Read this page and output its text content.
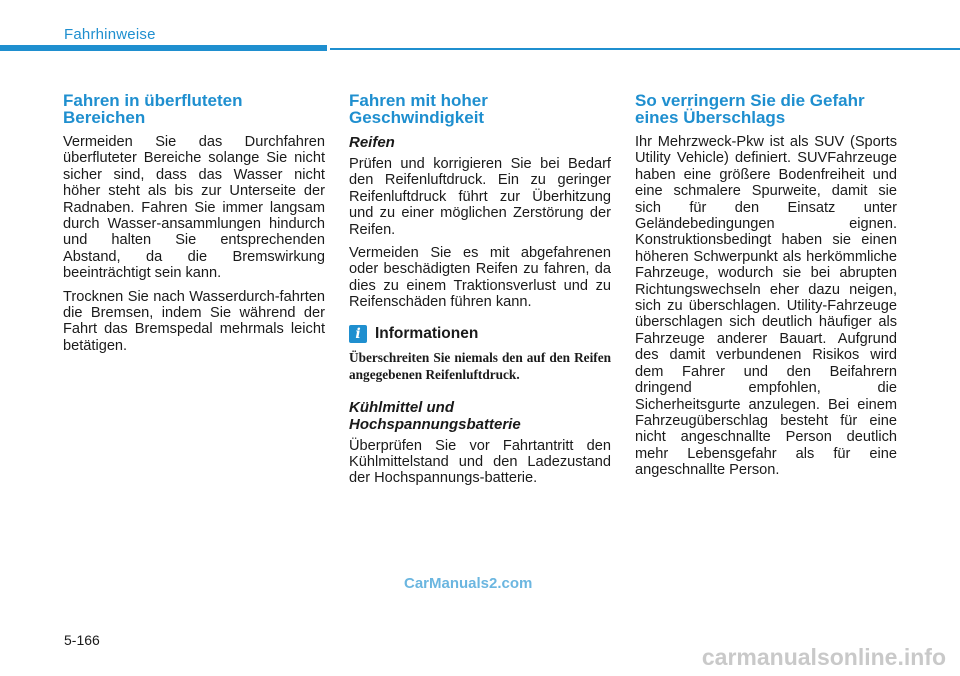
Fahrhinweise
Fahren in überfluteten Bereichen

Vermeiden Sie das Durchfahren überfluteter Bereiche solange Sie nicht sicher sind, dass das Wasser nicht höher steht als bis zur Unterseite der Radnaben. Fahren Sie immer langsam durch Wasser-ansammlungen hindurch und halten Sie entsprechenden Abstand, da die Bremswirkung beeinträchtigt sein kann.

Trocknen Sie nach Wasserdurch-fahrten die Bremsen, indem Sie während der Fahrt das Bremspedal mehrmals leicht betätigen.

Fahren mit hoher Geschwindigkeit
Reifen

Prüfen und korrigieren Sie bei Bedarf den Reifenluftdruck. Ein zu geringer Reifenluftdruck führt zur Überhitzung und zu einer möglichen Zerstörung der Reifen.

Vermeiden Sie es mit abgefahrenen oder beschädigten Reifen zu fahren, da dies zu einem Traktionsverlust und zu Reifenschäden führen kann.

i Informationen

Überschreiten Sie niemals den auf den Reifen angegebenen Reifenluftdruck.

Kühlmittel und Hochspannungsbatterie

Überprüfen Sie vor Fahrtantritt den Kühlmittelstand und den Ladezustand der Hochspannungs-batterie.

So verringern Sie die Gefahr eines Überschlags

Ihr Mehrzweck-Pkw ist als SUV (Sports Utility Vehicle) definiert. SUVFahrzeuge haben eine größere Bodenfreiheit und eine schmalere Spurweite, damit sie sich für den Einsatz unter Geländebedingungen eignen. Konstruktionsbedingt haben sie einen höheren Schwerpunkt als herkömmliche Fahrzeuge, wodurch sie bei abrupten Richtungswechseln eher dazu neigen, sich zu überschlagen. Utility-Fahrzeuge überschlagen sich deutlich häufiger als Fahrzeuge anderer Bauart. Aufgrund des damit verbundenen Risikos wird dem Fahrer und den Beifahrern dringend empfohlen, die Sicherheitsgurte anzulegen. Bei einem Fahrzeugüberschlag besteht für eine nicht angeschnallte Person deutlich mehr Lebensgefahr als für eine angeschnallte Person.

CarManuals2.com
5-166
carmanualsonline.info
